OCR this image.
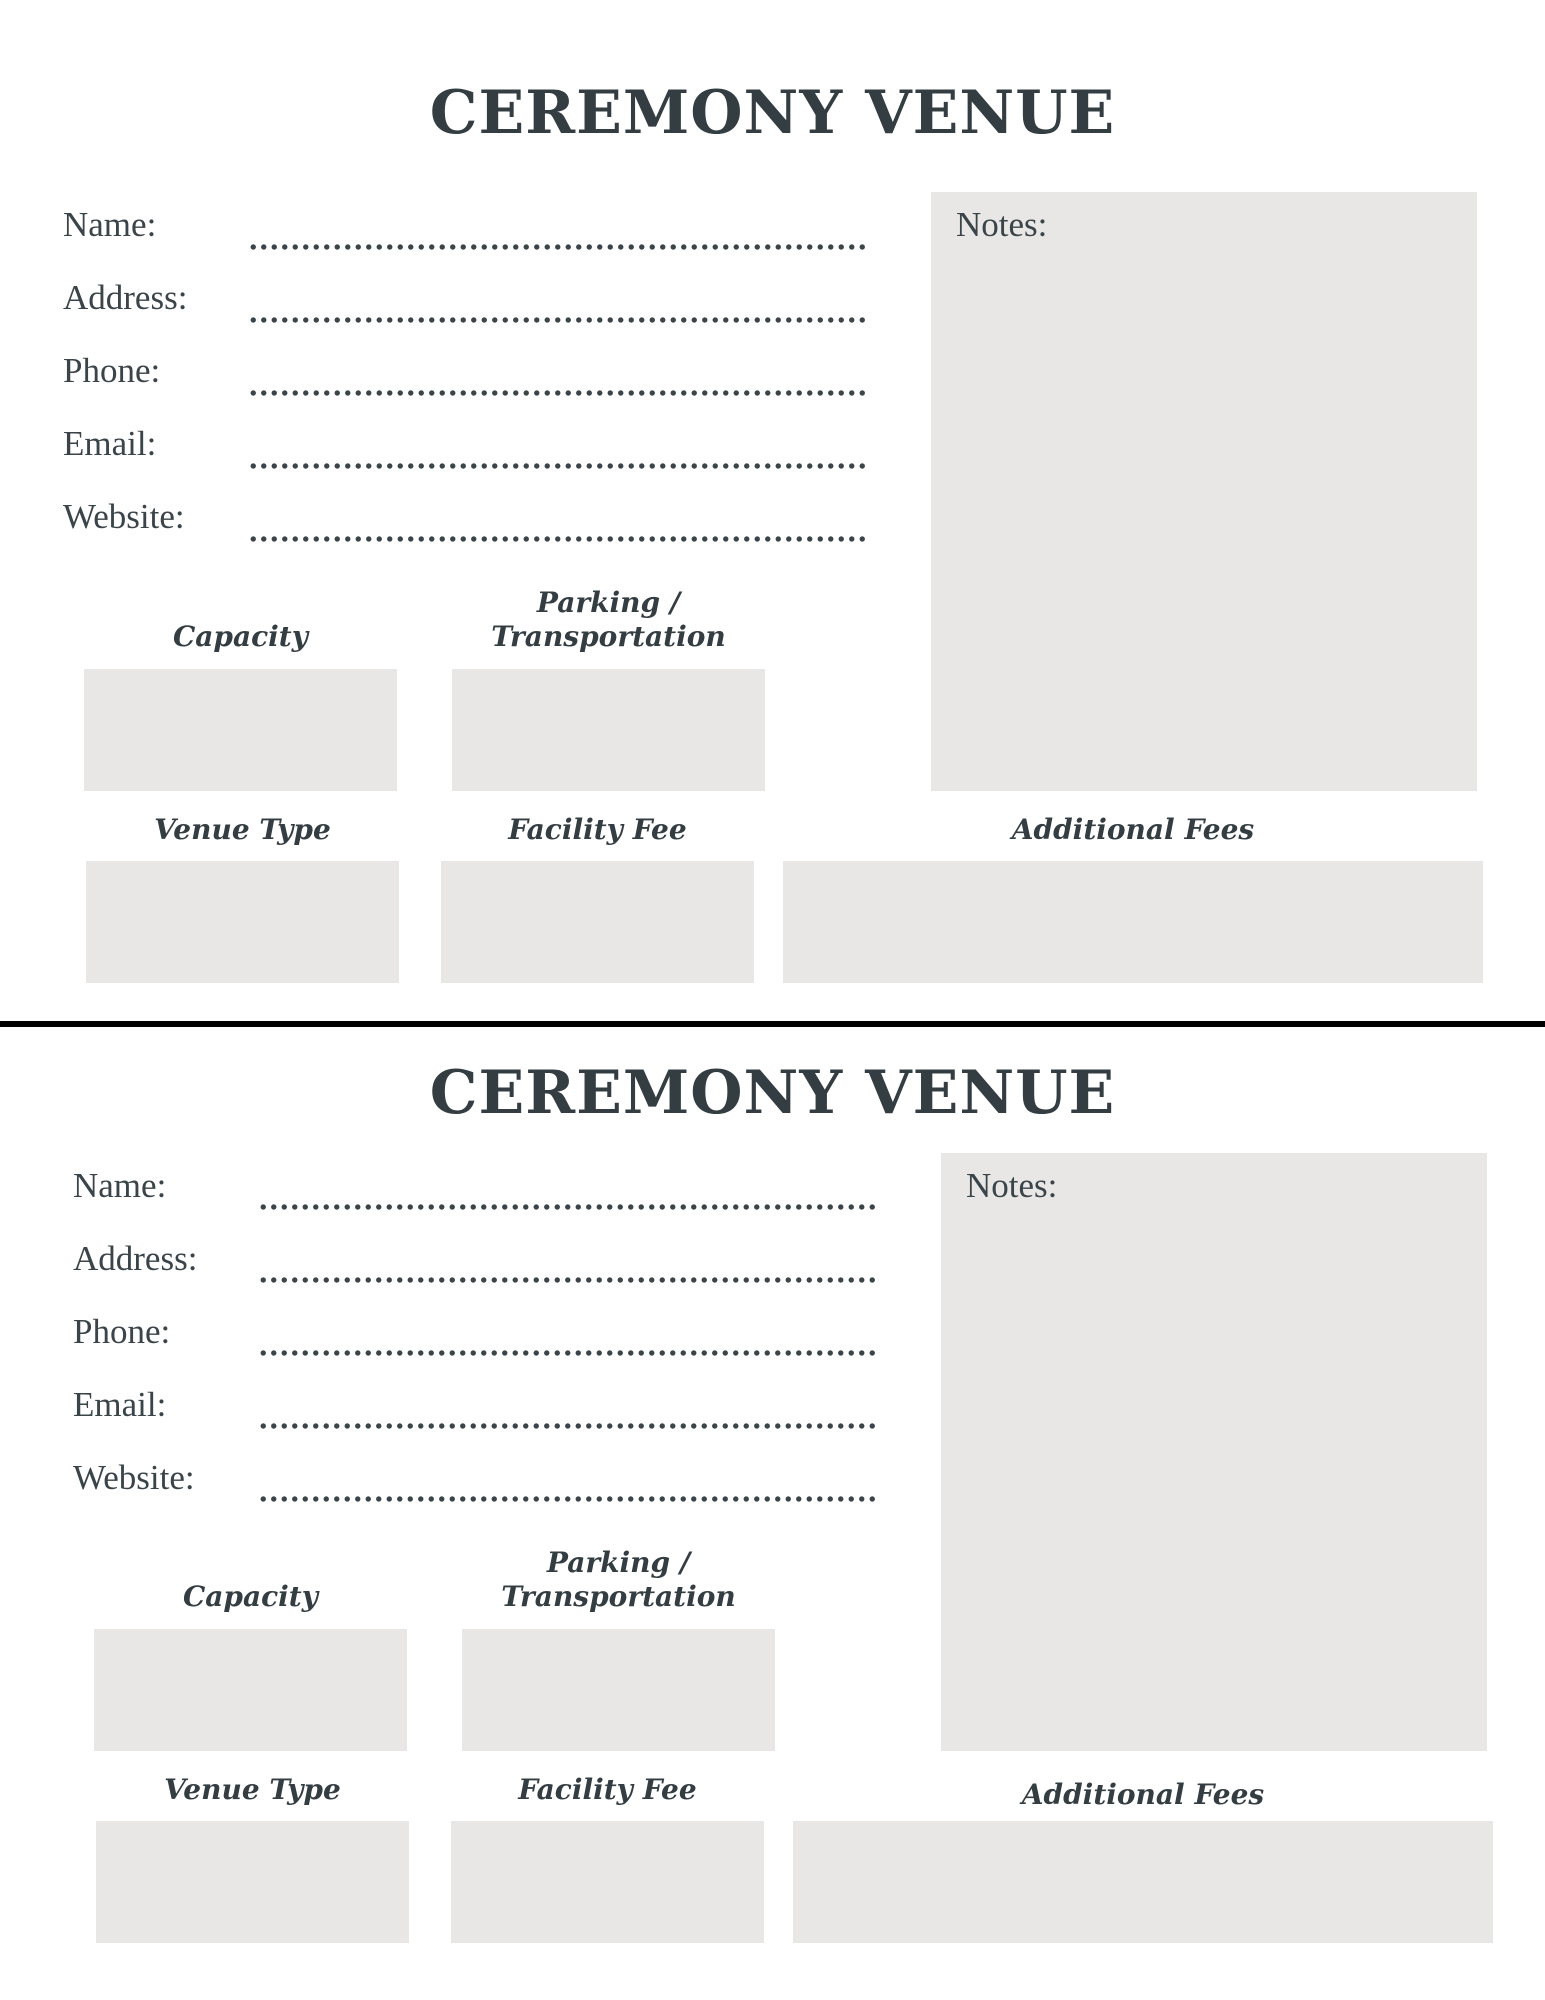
CEREMONY VENUE
Name:
Address:
Phone:
Email:
Website:
Notes:
Capacity
Parking /
Transportation
Venue Type	Facility Fee	Additional Fees
CEREMONY VENUE
Name:
Address:
Phone:
Email:
Website:
Notes:
Capacity
Parking /
Transportation
Venue Type	Facility Fee	Additional Fees
